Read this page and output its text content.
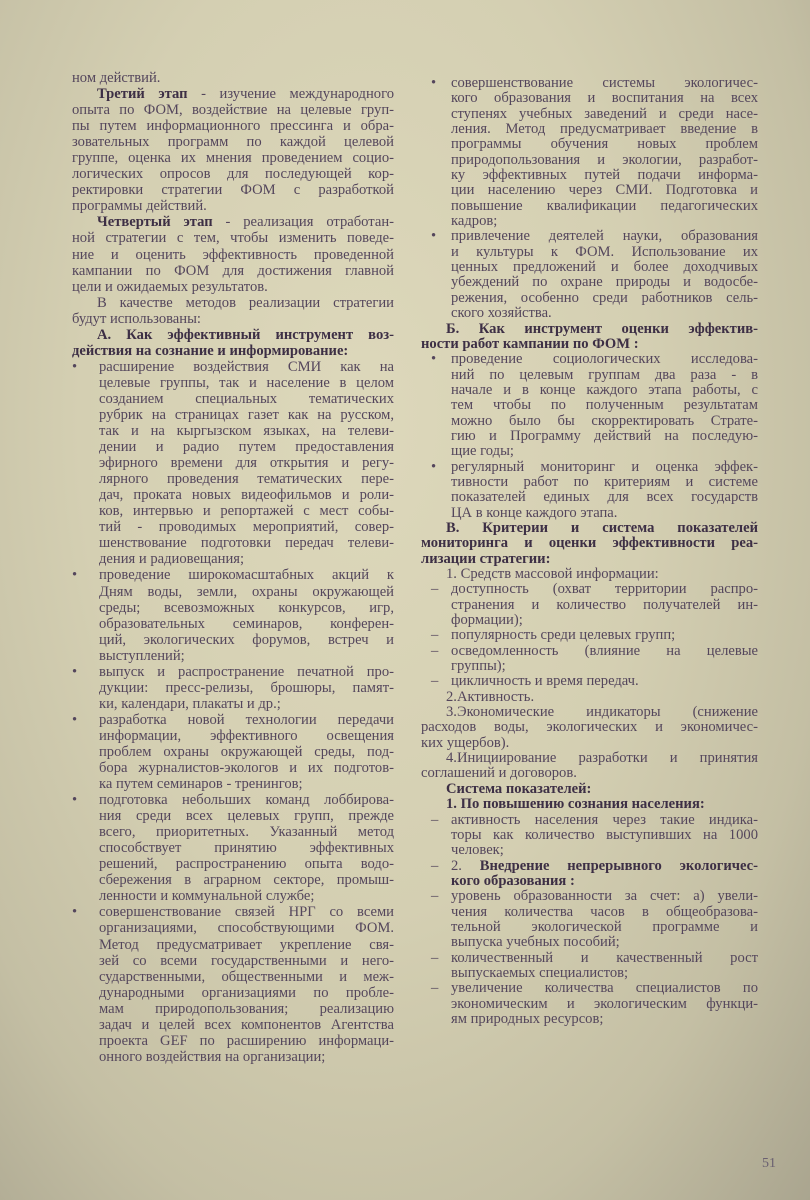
ном действий.
Третий этап - изучение международного
опыта по ФОМ, воздействие на целевые груп-
пы путем информационного прессинга и обра-
зовательных программ по каждой целевой
группе, оценка их мнения проведением социо-
логических опросов для последующей кор-
ректировки стратегии ФОМ с разработкой
программы действий.
Четвертый этап - реализация отработан-
ной стратегии с тем, чтобы изменить поведе-
ние и оценить эффективность проведенной
кампании по ФОМ для достижения главной
цели и ожидаемых результатов.
В качестве методов реализации стратегии
будут использованы:
А. Как эффективный инструмент воз-
действия на сознание и информирование:
• расширение воздействия СМИ как на
целевые группы, так и население в целом
созданием специальных тематических
рубрик на страницах газет как на русском,
так и на кыргызском языках, на телеви-
дении и радио путем предоставления
эфирного времени для открытия и регу-
лярного проведения тематических пере-
дач, проката новых видеофильмов и роли-
ков, интервью и репортажей с мест собы-
тий - проводимых мероприятий, совер-
шенствование подготовки передач телеви-
дения и радиовещания;
• проведение широкомасштабных акций к
Дням воды, земли, охраны окружающей
среды; всевозможных конкурсов, игр,
образовательных семинаров, конферен-
ций, экологических форумов, встреч и
выступлений;
• выпуск и распространение печатной про-
дукции: пресс-релизы, брошюры, памят-
ки, календари, плакаты и др.;
• разработка новой технологии передачи
информации, эффективного освещения
проблем охраны окружающей среды, под-
бора журналистов-экологов и их подготов-
ка путем семинаров - тренингов;
• подготовка небольших команд лоббирова-
ния среди всех целевых групп, прежде
всего, приоритетных. Указанный метод
способствует принятию эффективных
решений, распространению опыта водо-
сбережения в аграрном секторе, промыш-
ленности и коммунальной службе;
• совершенствование связей НРГ со всеми
организациями, способствующими ФОМ.
Метод предусматривает укрепление свя-
зей со всеми государственными и него-
сударственными, общественными и меж-
дународными организациями по пробле-
мам природопользования; реализацию
задач и целей всех компонентов Агентства
проекта GEF по расширению информаци-
онного воздействия на организации;
• совершенствование системы экологичес-
кого образования и воспитания на всех
ступенях учебных заведений и среди насе-
ления. Метод предусматривает введение в
программы обучения новых проблем
природопользования и экологии, разработ-
ку эффективных путей подачи информа-
ции населению через СМИ. Подготовка и
повышение квалификации педагогических
кадров;
• привлечение деятелей науки, образования
и культуры к ФОМ. Использование их
ценных предложений и более доходчивых
убеждений по охране природы и водосбе-
режения, особенно среди работников сель-
ского хозяйства.
Б. Как инструмент оценки эффектив-
ности работ кампании по ФОМ :
• проведение социологических исследова-
ний по целевым группам два раза - в
начале и в конце каждого этапа работы, с
тем чтобы по полученным результатам
можно было бы скорректировать Страте-
гию и Программу действий на последую-
щие годы;
• регулярный мониторинг и оценка эффек-
тивности работ по критериям и системе
показателей единых для всех государств
ЦА в конце каждого этапа.
В. Критерии и система показателей
мониторинга и оценки эффективности реа-
лизации стратегии:
1. Средств массовой информации:
– доступность (охват территории распро-
странения и количество получателей ин-
формации);
– популярность среди целевых групп;
– осведомленность (влияние на целевые
группы);
– цикличность и время передач.
2.Активность.
3.Экономические индикаторы (снижение
расходов воды, экологических и экономичес-
ких ущербов).
4.Инициирование разработки и принятия
соглашений и договоров.
Система показателей:
1. По повышению сознания населения:
– активность населения через такие индика-
торы как количество выступивших на 1000
человек;
– 2. Внедрение непрерывного экологичес-
кого образования :
– уровень образованности за счет: а) увели-
чения количества часов в общеобразова-
тельной экологической программе и
выпуска учебных пособий;
– количественный и качественный рост
выпускаемых специалистов;
– увеличение количества специалистов по
экономическим и экологическим функци-
ям природных ресурсов;
51
